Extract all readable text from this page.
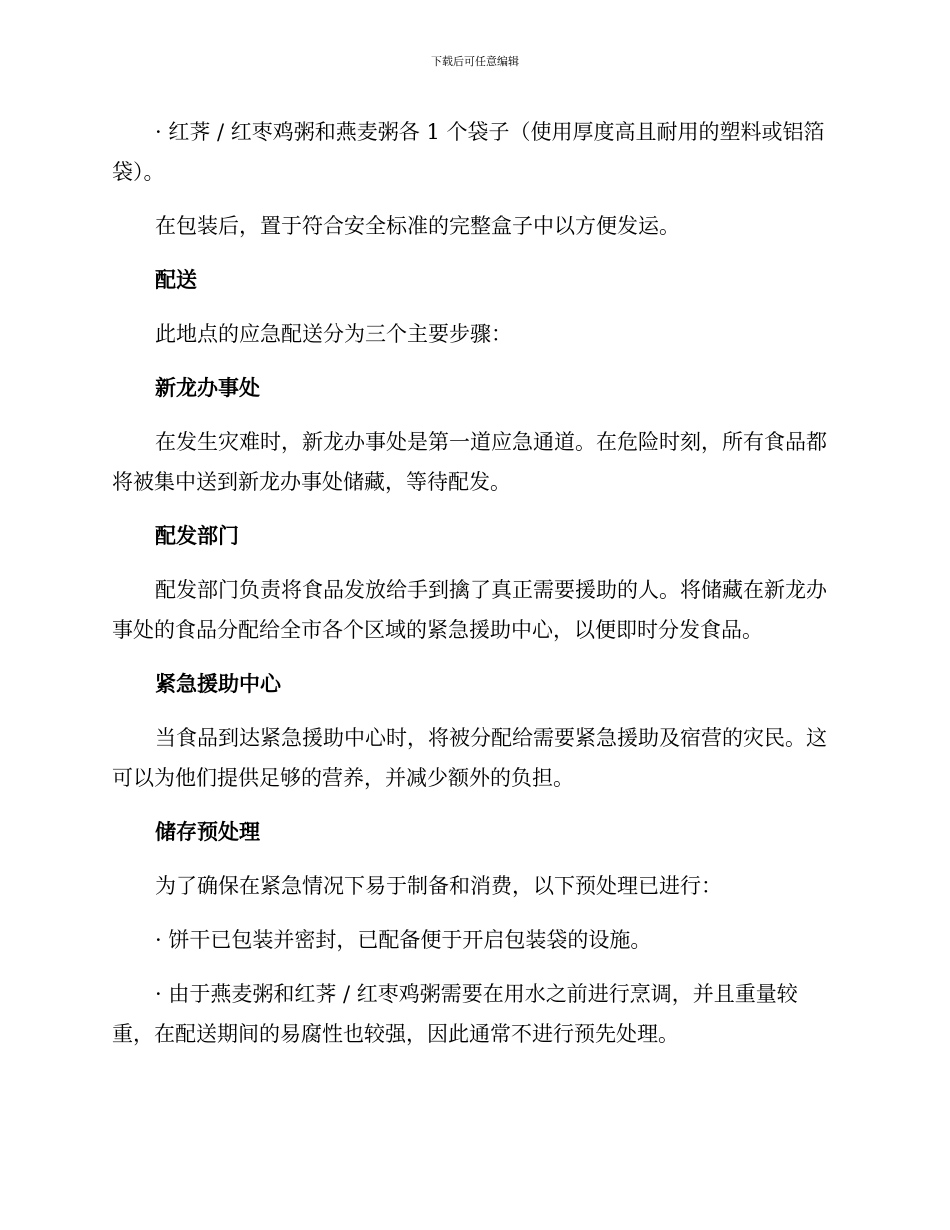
下载后可任意编辑

· 红荠 / 红枣鸡粥和燕麦粥各 1 个袋子（使用厚度高且耐用的塑料或铝箔袋）。

在包装后，置于符合安全标准的完整盒子中以方便发运。

配送

此地点的应急配送分为三个主要步骤：

新龙办事处

在发生灾难时，新龙办事处是第一道应急通道。在危险时刻，所有食品都将被集中送到新龙办事处储藏，等待配发。

配发部门

配发部门负责将食品发放给手到擒了真正需要援助的人。将储藏在新龙办事处的食品分配给全市各个区域的紧急援助中心，以便即时分发食品。

紧急援助中心

当食品到达紧急援助中心时，将被分配给需要紧急援助及宿营的灾民。这可以为他们提供足够的营养，并减少额外的负担。

储存预处理

为了确保在紧急情况下易于制备和消费，以下预处理已进行：

· 饼干已包装并密封，已配备便于开启包装袋的设施。

· 由于燕麦粥和红荠 / 红枣鸡粥需要在用水之前进行烹调，并且重量较重，在配送期间的易腐性也较强，因此通常不进行预先处理。
